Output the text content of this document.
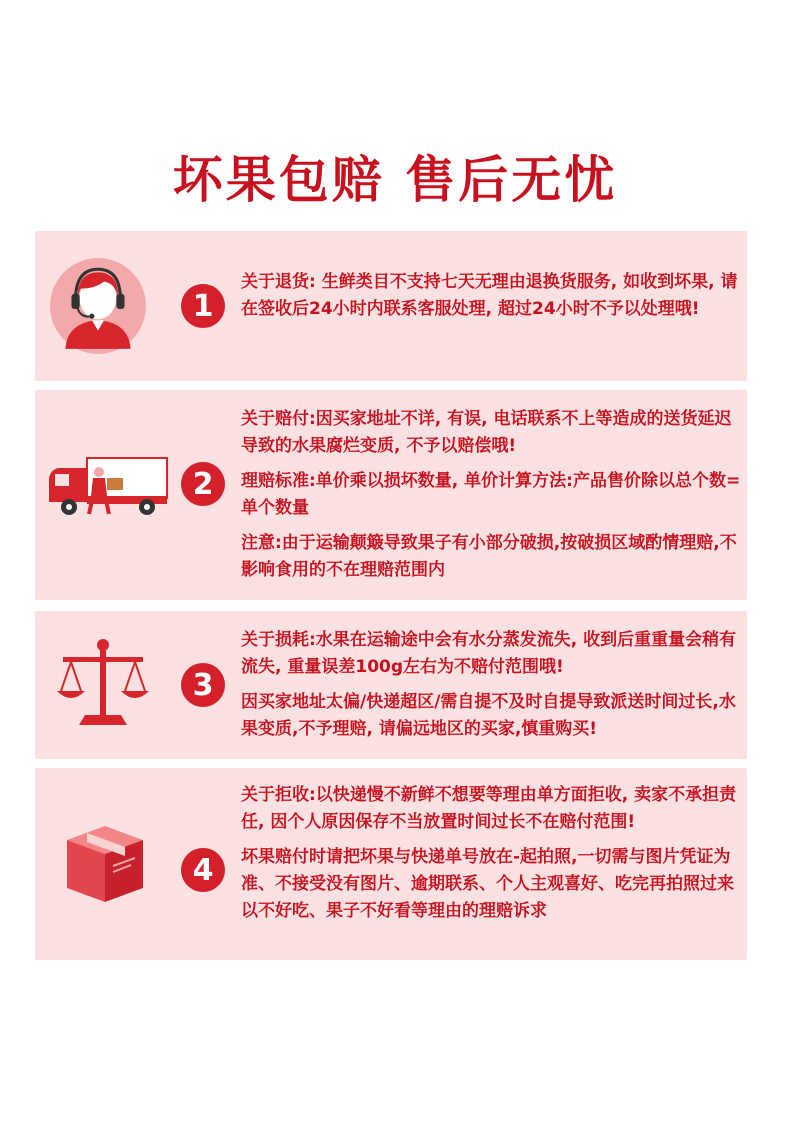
坏果包赔 售后无忧
1

关于退货: 生鲜类目不支持七天无理由退换货服务, 如收到坏果, 请在签收后24小时内联系客服处理, 超过24小时不予以处理哦!

2

关于赔付:因买家地址不详, 有误, 电话联系不上等造成的送货延迟导致的水果腐烂变质, 不予以赔偿哦!

理赔标准:单价乘以损坏数量, 单价计算方法:产品售价除以总个数=单个数量

注意:由于运输颠簸导致果子有小部分破损,按破损区域酌情理赔,不影响食用的不在理赔范围内

3

关于损耗:水果在运输途中会有水分蒸发流失, 收到后重重量会稍有流失, 重量误差100g左右为不赔付范围哦!

因买家地址太偏/快递超区/需自提不及时自提导致派送时间过长,水果变质,不予理赔, 请偏远地区的买家,慎重购买!

4

关于拒收:以快递慢不新鲜不想要等理由单方面拒收, 卖家不承担责任, 因个人原因保存不当放置时间过长不在赔付范围!

坏果赔付时请把坏果与快递单号放在-起拍照,一切需与图片凭证为准、不接受没有图片、逾期联系、个人主观喜好、吃完再拍照过来以不好吃、果子不好看等理由的理赔诉求
